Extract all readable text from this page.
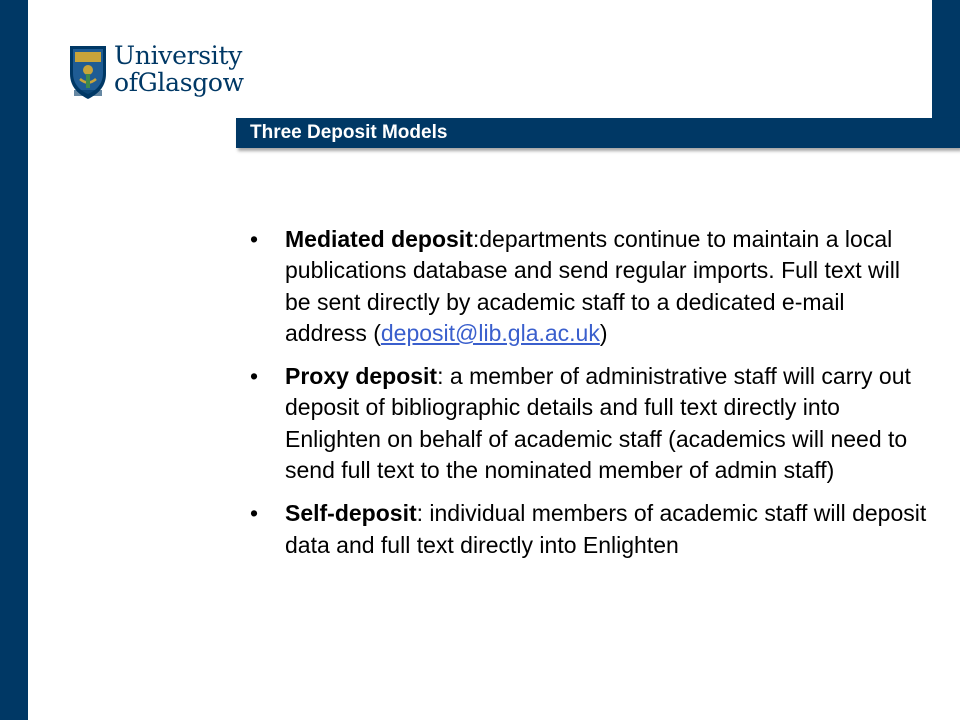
University
ofGlasgow
Three Deposit Models
• Mediated deposit:departments continue to maintain a local publications database and send regular imports. Full text will be sent directly by academic staff to a dedicated e-mail address (deposit@lib.gla.ac.uk)
• Proxy deposit: a member of administrative staff will carry out deposit of bibliographic details and full text directly into Enlighten on behalf of academic staff (academics will need to send full text to the nominated member of admin staff)
• Self-deposit: individual members of academic staff will deposit data and full text directly into Enlighten
